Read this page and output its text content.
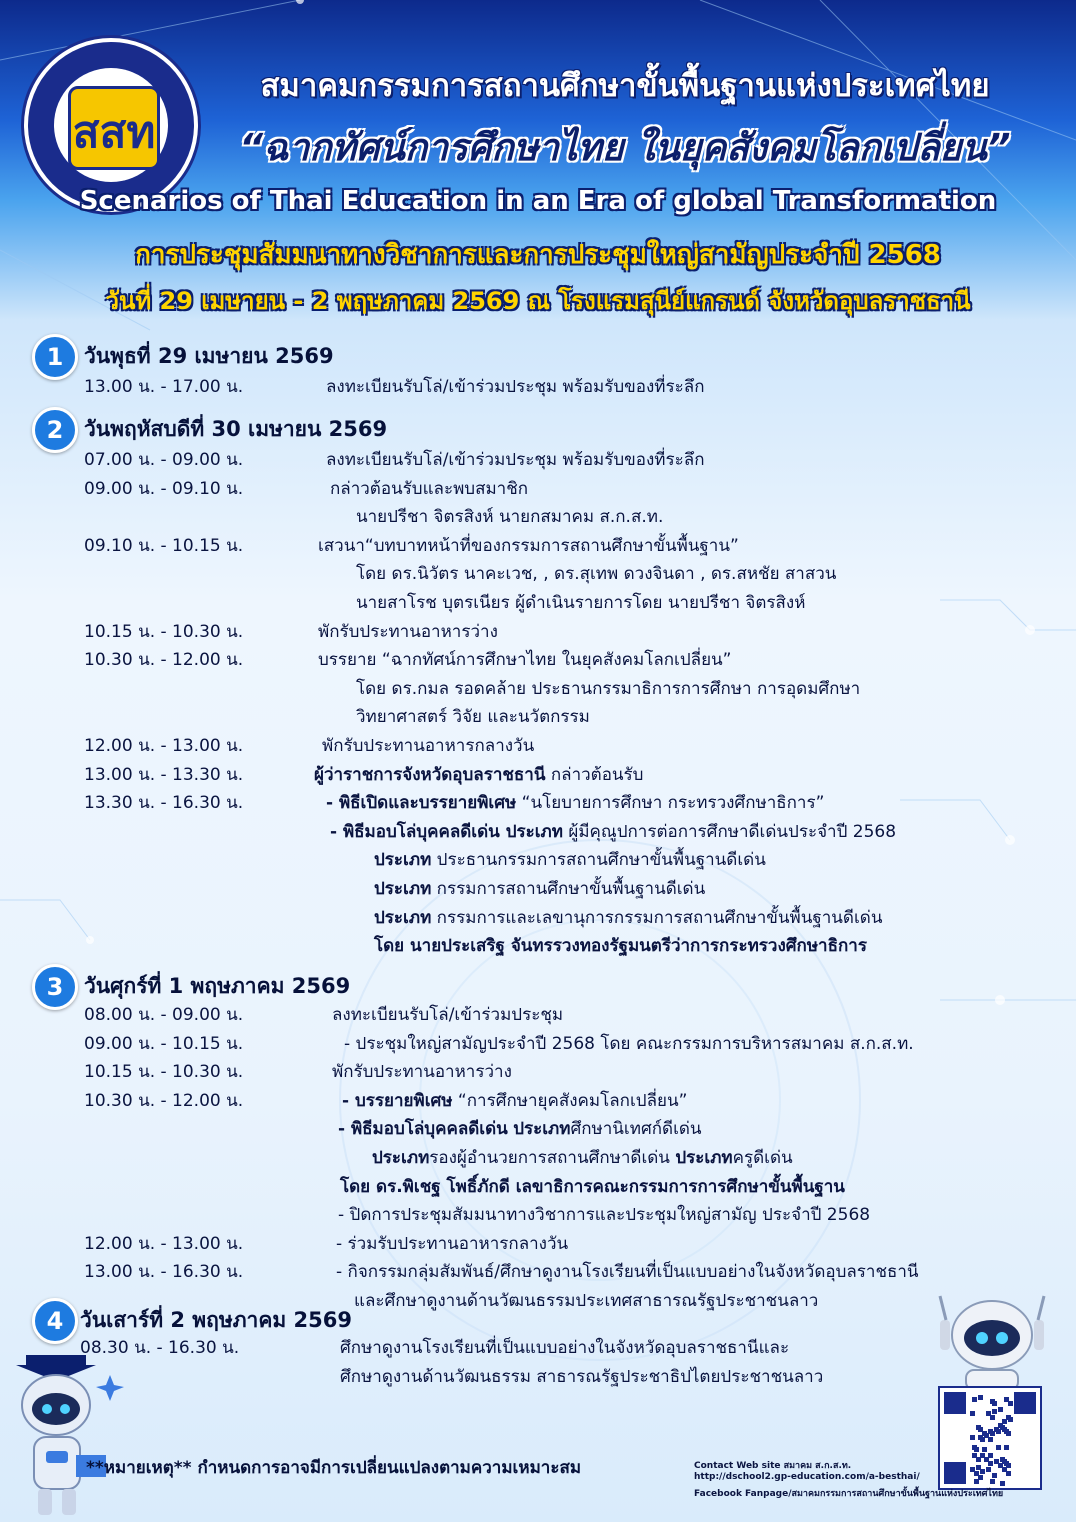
สสท
สมาคมกรรมการสถานศึกษาขั้นพื้นฐานแห่งประเทศไทย
“ฉากทัศน์การศึกษาไทย ในยุคสังคมโลกเปลี่ยน”
Scenarios of Thai Education in an Era of global Transformation
การประชุมสัมมนาทางวิชาการและการประชุมใหญ่สามัญประจำปี 2568
วันที่ 29 เมษายน - 2 พฤษภาคม 2569 ณ โรงแรมสุนีย์แกรนด์ จังหวัดอุบลราชธานี
**หมายเหตุ** กำหนดการอาจมีการเปลี่ยนแปลงตามความเหมาะสม	Contact Web site สมาคม ส.ก.ส.ท.
http://dschool2.gp-education.com/a-besthai/
Facebook Fanpage/สมาคมกรรมการสถานศึกษาขั้นพื้นฐานแห่งประเทศไทย
1 วันพุธที่ 29 เมษายน 2569
13.00 น. - 17.00 น.	ลงทะเบียนรับโล่/เข้าร่วมประชุม พร้อมรับของที่ระลึก
2 วันพฤหัสบดีที่ 30 เมษายน 2569
07.00 น. - 09.00 น.	ลงทะเบียนรับโล่/เข้าร่วมประชุม พร้อมรับของที่ระลึก
09.00 น. - 09.10 น.	กล่าวต้อนรับและพบสมาชิก
นายปรีชา จิตรสิงห์ นายกสมาคม ส.ก.ส.ท.
09.10 น. - 10.15 น.	เสวนา“บทบาทหน้าที่ของกรรมการสถานศึกษาขั้นพื้นฐาน”
โดย ดร.นิวัตร นาคะเวช, , ดร.สุเทพ ดวงจินดา , ดร.สหชัย สาสวน
นายสาโรช บุตรเนียร ผู้ดำเนินรายการโดย นายปรีชา จิตรสิงห์
10.15 น. - 10.30 น.	พักรับประทานอาหารว่าง
10.30 น. - 12.00 น.	บรรยาย “ฉากทัศน์การศึกษาไทย ในยุคสังคมโลกเปลี่ยน”
โดย ดร.กมล รอดคล้าย ประธานกรรมาธิการการศึกษา การอุดมศึกษา
วิทยาศาสตร์ วิจัย และนวัตกรรม
12.00 น. - 13.00 น.	พักรับประทานอาหารกลางวัน
13.00 น. - 13.30 น.	ผู้ว่าราชการจังหวัดอุบลราชธานี กล่าวต้อนรับ
13.30 น. - 16.30 น.	- พิธีเปิดและบรรยายพิเศษ “นโยบายการศึกษา กระทรวงศึกษาธิการ”
- พิธีมอบโล่บุคคลดีเด่น ประเภท ผู้มีคุณูปการต่อการศึกษาดีเด่นประจำปี 2568
ประเภท ประธานกรรมการสถานศึกษาขั้นพื้นฐานดีเด่น
ประเภท กรรมการสถานศึกษาขั้นพื้นฐานดีเด่น
ประเภท กรรมการและเลขานุการกรรมการสถานศึกษาขั้นพื้นฐานดีเด่น
โดย นายประเสริฐ จันทรรวงทองรัฐมนตรีว่าการกระทรวงศึกษาธิการ
3 วันศุกร์ที่ 1 พฤษภาคม 2569
08.00 น. - 09.00 น.	ลงทะเบียนรับโล่/เข้าร่วมประชุม
09.00 น. - 10.15 น.	- ประชุมใหญ่สามัญประจำปี 2568 โดย คณะกรรมการบริหารสมาคม ส.ก.ส.ท.
10.15 น. - 10.30 น.	พักรับประทานอาหารว่าง
10.30 น. - 12.00 น.	- บรรยายพิเศษ “การศึกษายุคสังคมโลกเปลี่ยน”
- พิธีมอบโล่บุคคลดีเด่น ประเภทศึกษานิเทศก์ดีเด่น
ประเภทรองผู้อำนวยการสถานศึกษาดีเด่น ประเภทครูดีเด่น
โดย ดร.พิเชฐ โพธิ์ภักดี เลขาธิการคณะกรรมการการศึกษาขั้นพื้นฐาน
- ปิดการประชุมสัมมนาทางวิชาการและประชุมใหญ่สามัญ ประจำปี 2568
12.00 น. - 13.00 น.	- ร่วมรับประทานอาหารกลางวัน
13.00 น. - 16.30 น.	- กิจกรรมกลุ่มสัมพันธ์/ศึกษาดูงานโรงเรียนที่เป็นแบบอย่างในจังหวัดอุบลราชธานี
และศึกษาดูงานด้านวัฒนธรรมประเทศสาธารณรัฐประชาชนลาว
4 วันเสาร์ที่ 2 พฤษภาคม 2569
08.30 น. - 16.30 น.	ศึกษาดูงานโรงเรียนที่เป็นแบบอย่างในจังหวัดอุบลราชธานีและ
ศึกษาดูงานด้านวัฒนธรรม สาธารณรัฐประชาธิปไตยประชาชนลาว
